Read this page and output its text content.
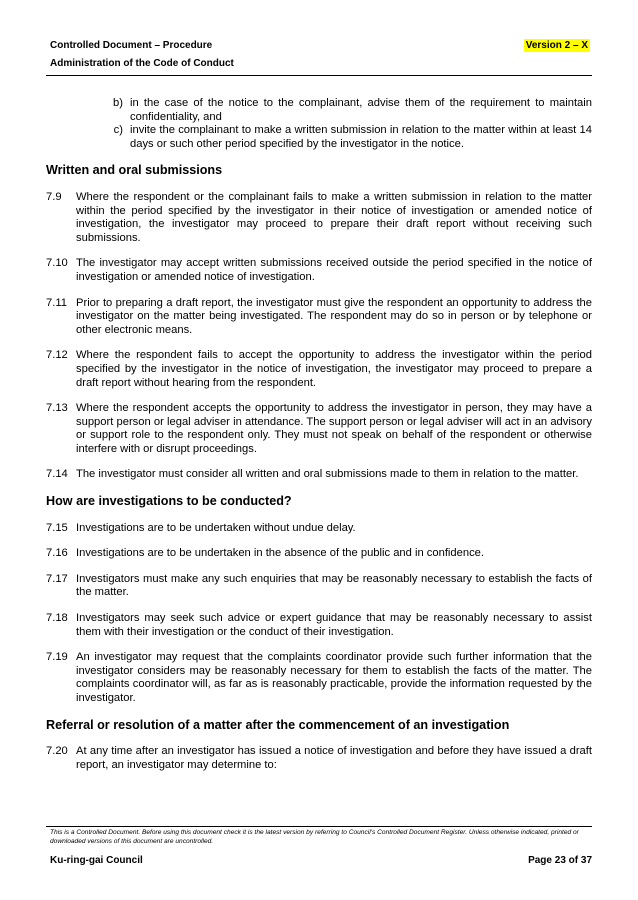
Controlled Document – Procedure
Administration of the Code of Conduct
Version 2 – X
b) in the case of the notice to the complainant, advise them of the requirement to maintain confidentiality, and
c) invite the complainant to make a written submission in relation to the matter within at least 14 days or such other period specified by the investigator in the notice.
Written and oral submissions
7.9	Where the respondent or the complainant fails to make a written submission in relation to the matter within the period specified by the investigator in their notice of investigation or amended notice of investigation, the investigator may proceed to prepare their draft report without receiving such submissions.
7.10 The investigator may accept written submissions received outside the period specified in the notice of investigation or amended notice of investigation.
7.11 Prior to preparing a draft report, the investigator must give the respondent an opportunity to address the investigator on the matter being investigated. The respondent may do so in person or by telephone or other electronic means.
7.12 Where the respondent fails to accept the opportunity to address the investigator within the period specified by the investigator in the notice of investigation, the investigator may proceed to prepare a draft report without hearing from the respondent.
7.13 Where the respondent accepts the opportunity to address the investigator in person, they may have a support person or legal adviser in attendance. The support person or legal adviser will act in an advisory or support role to the respondent only. They must not speak on behalf of the respondent or otherwise interfere with or disrupt proceedings.
7.14 The investigator must consider all written and oral submissions made to them in relation to the matter.
How are investigations to be conducted?
7.15 Investigations are to be undertaken without undue delay.
7.16 Investigations are to be undertaken in the absence of the public and in confidence.
7.17 Investigators must make any such enquiries that may be reasonably necessary to establish the facts of the matter.
7.18 Investigators may seek such advice or expert guidance that may be reasonably necessary to assist them with their investigation or the conduct of their investigation.
7.19 An investigator may request that the complaints coordinator provide such further information that the investigator considers may be reasonably necessary for them to establish the facts of the matter. The complaints coordinator will, as far as is reasonably practicable, provide the information requested by the investigator.
Referral or resolution of a matter after the commencement of an investigation
7.20 At any time after an investigator has issued a notice of investigation and before they have issued a draft report, an investigator may determine to:
This is a Controlled Document. Before using this document check it is the latest version by referring to Council’s Controlled Document Register. Unless otherwise indicated, printed or downloaded versions of this document are uncontrolled.
Ku-ring-gai Council	Page 23 of 37
